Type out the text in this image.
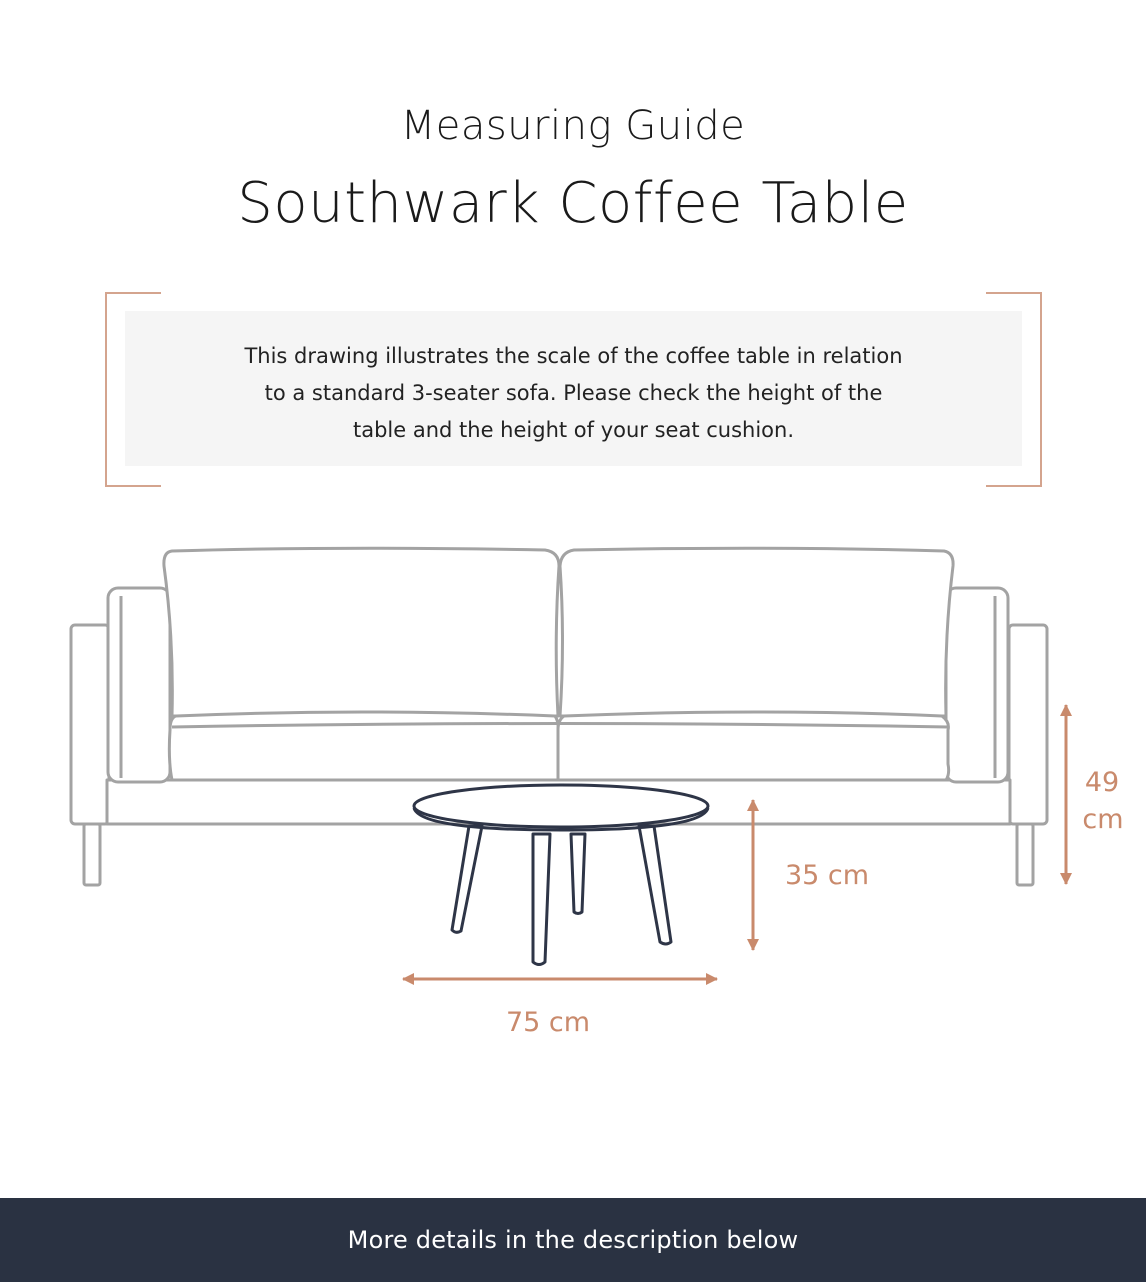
Measuring Guide
Southwark Coffee Table
This drawing illustrates the scale of the coffee table in relation
to a standard 3-seater sofa. Please check the height of the
table and the height of your seat cushion.
49
cm
35 cm
75 cm
More details in the description below
